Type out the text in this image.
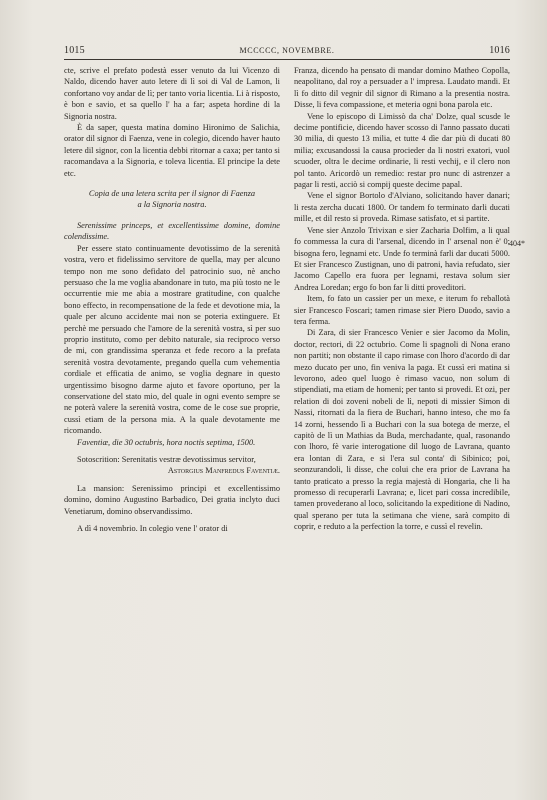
1015	MCCCCC, NOVEMBRE.	1016
404*

cte, scrive el prefato podestà esser venuto da lui Vicenzo di Naldo, dicendo haver auto letere di lì soi di Val de Lamon, li confortano voy andar de lì; per tanto voria licentia. Li à risposto, è bon e savio, et sa quello l' ha a far; aspeta hordine di la Signoria nostra.

È da saper, questa matina domino Hironimo de Salichia, orator dil signor di Faenza, vene in colegio, dicendo haver hauto letere dil signor, con la licentia debbi ritornar a caxa; per tanto si racomandava a la Signoria, e toleva licentia. El principe la dete etc.

Copia de una letera scrita per il signor di Faenza

a la Signoria nostra.

Serenissime princeps, et excellentissime domine, domine colendissime.

Per essere stato continuamente devotissimo de la serenità vostra, vero et fidelissimo servitore de quella, may per alcuno tempo non me sono defidato del patrocinio suo, nè ancho persuaso che la me voglia abandonare in tuto, ma più tosto ne le occurrentie mie me abia a mostrare gratitudine, con qualche bono effecto, in recompensatione de la fede et devotione mia, la quale per alcuno accidente mai non se poteria extinguere. Et perchè me persuado che l'amore de la serenità vostra, sì per suo proprio instituto, como per debito naturale, sia reciproco verso de mi, con grandissima speranza et fede recoro a la prefata serenità vostra devotamente, pregando quella cum vehementia cordiale et efficatia de animo, se voglia degnare in questo urgentissimo bisogno darme ajuto et favore oportuno, per la conservatione del stato mio, del quale in ogni evento sempre se ne poterà valere la serenità vostra, come de le cose sue proprie, cussì etiam de la persona mia. A la quale devotamente me ricomando.

Faventiæ, die 30 octubris, hora noctis septima, 1500.

Sotoscrition: Serenitatis vestræ devotissimus servitor,

Astorgius Manfredus Faventiæ.

La mansion: Serenissimo principi et excellentissimo domino, domino Augustino Barbadico, Dei gratia inclyto duci Venetiarum, domino observandissimo.

A dì 4 novembrio. In colegio vene l' orator di

Franza, dicendo ha pensato di mandar domino Matheo Copolla, neapolitano, dal roy a persuader a l' impresa. Laudato mandi. Et lì fo ditto dil vegnir dil signor di Rimano a la presentia nostra. Disse, li feva compassione, et meteria ogni bona parola etc.

Vene lo episcopo di Limissò da cha' Dolze, qual scusde le decime pontificie, dicendo haver scosso di l'anno passato ducati 30 milia, di questo 13 milia, et tutte 4 dìe dar più di ducati 80 milia; excusandossi la causa procieder da li nostri exatori, vuol scuoder, oltra le decime ordinarie, li resti vechij, e il clero non pol tanto. Aricordò un remedio: restar pro nunc di astrenzer a pagar li resti, acciò si compij queste decime papal.

Vene el signor Bortolo d'Alviano, solicitando haver danari; li resta zercha ducati 1800. Or tandem fo terminato darli ducati mille, et dil resto si proveda. Rimase satisfato, et si partite.

Vene sier Anzolo Trivixan e sier Zacharia Dolfim, a li qual fo commessa la cura di l'arsenal, dicendo in l' arsenal non è' 0; bisogna fero, legnami etc. Unde fo terminà farli dar ducati 5000. Et sier Francesco Zustignan, uno di patroni, havia refudato, sier Jacomo Capello era fuora per legnami, restava solum sier Andrea Loredan; ergo fo bon far li ditti proveditori.

Item, fo fato un cassier per un mexe, e iterum fo reballotà sier Francesco Foscari; tamen rimase sier Piero Duodo, savio a tera ferma.

Di Zara, di sier Francesco Venier e sier Jacomo da Molin, doctor, rectori, di 22 octubrio. Come li spagnoli di Nona erano non partiti; non obstante il capo rimase con lhoro d'acordo di dar mezo ducato per uno, fin veniva la paga. Et cussì eri matina si levorono, adeo quel luogo è rimaso vacuo, non solum di stipendiati, ma etiam de homeni; per tanto si provedi. Et ozi, per relation di doi zoveni nobeli de lì, nepoti di missier Simon di Nassi, ritornati da la fiera de Buchari, hanno inteso, che mo fa 14 zorni, hessendo lì a Buchari con la sua botega de merze, el capitò de lì un Mathias da Buda, merchadante, qual, rasonando con lhoro, fè varie interogatione dil luogo de Lavrana, quanto era lontan di Zara, e si l'era sul conta' di Sibinico; poi, seonzurandoli, li disse, che colui che era prior de Lavrana ha tanto praticato a presso la regia majestà di Hongaria, che li ha promesso di recuperarli Lavrana; e, licet pari cossa incredibile, tamen provederano al loco, solicitando la expeditione di Nadino, qual sperano per tuta la setimana che viene, sarà compito di coprir, e reduto a la perfection la torre, e cussì el revelin.
